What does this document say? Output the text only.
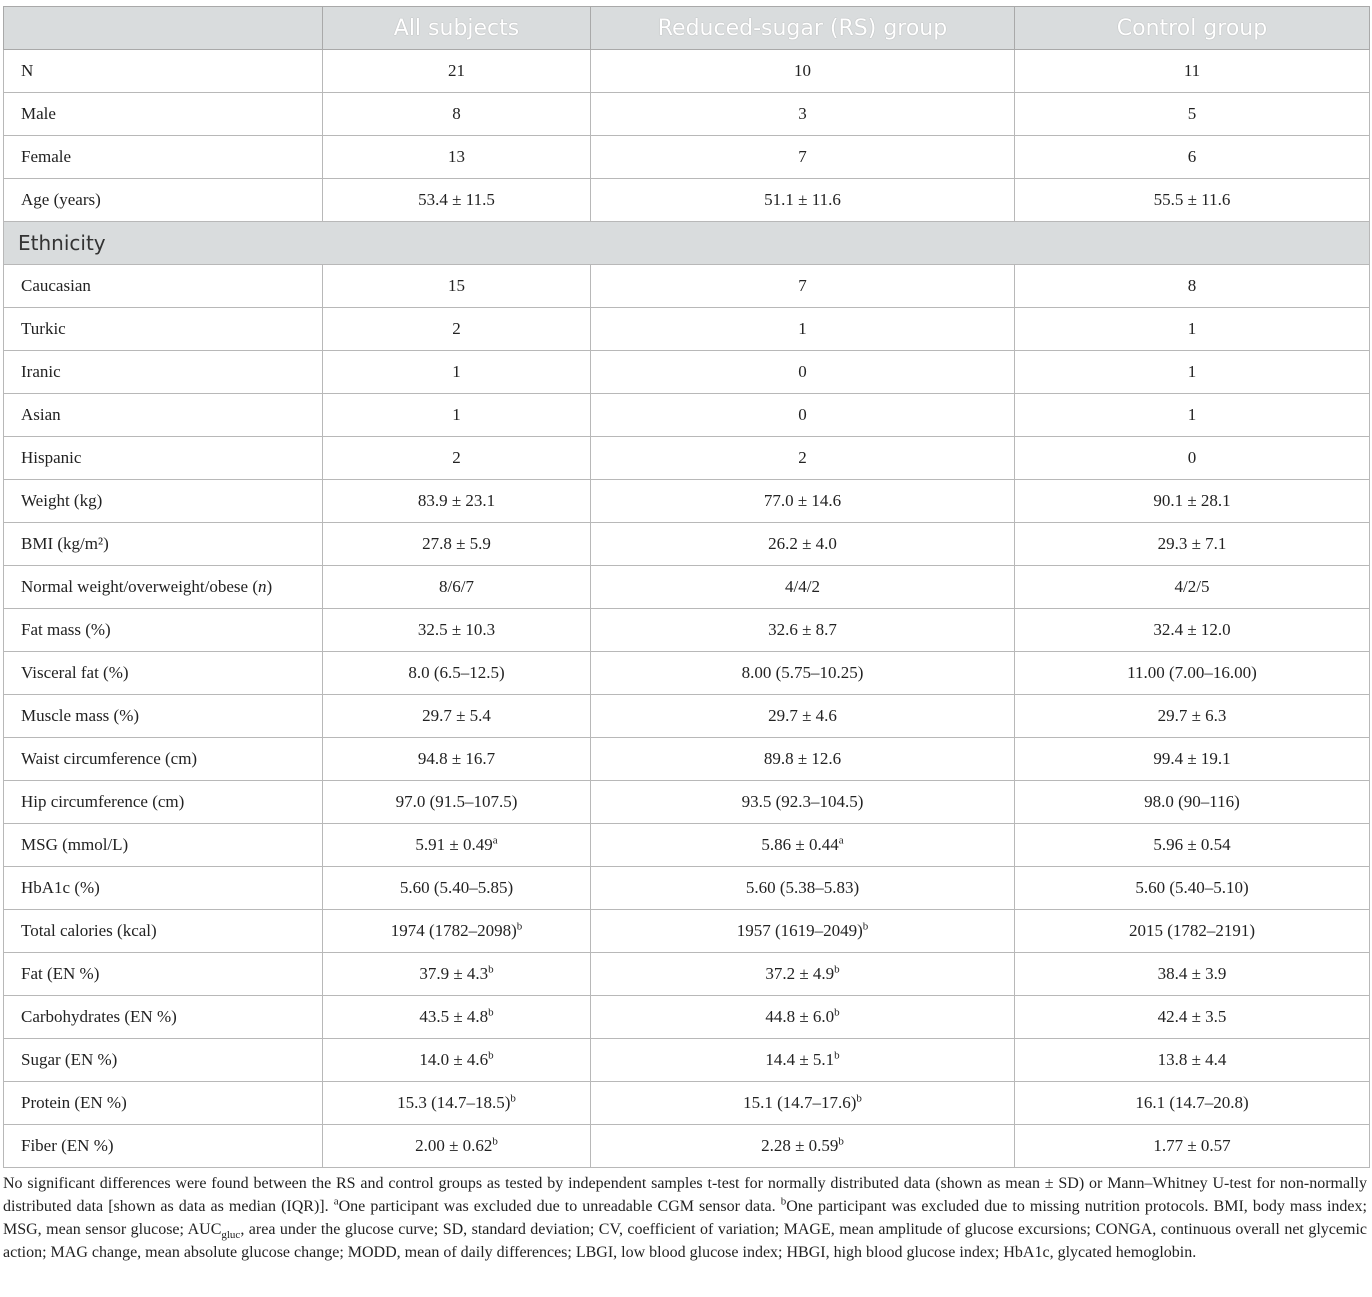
	All subjects	Reduced-sugar (RS) group	Control group
N	21	10	11
Male	8	3	5
Female	13	7	6
Age (years)	53.4 ± 11.5	51.1 ± 11.6	55.5 ± 11.6
Ethnicity			
Caucasian	15	7	8
Turkic	2	1	1
Iranic	1	0	1
Asian	1	0	1
Hispanic	2	2	0
Weight (kg)	83.9 ± 23.1	77.0 ± 14.6	90.1 ± 28.1
BMI (kg/m²)	27.8 ± 5.9	26.2 ± 4.0	29.3 ± 7.1
Normal weight/overweight/obese (n)	8/6/7	4/4/2	4/2/5
Fat mass (%)	32.5 ± 10.3	32.6 ± 8.7	32.4 ± 12.0
Visceral fat (%)	8.0 (6.5–12.5)	8.00 (5.75–10.25)	11.00 (7.00–16.00)
Muscle mass (%)	29.7 ± 5.4	29.7 ± 4.6	29.7 ± 6.3
Waist circumference (cm)	94.8 ± 16.7	89.8 ± 12.6	99.4 ± 19.1
Hip circumference (cm)	97.0 (91.5–107.5)	93.5 (92.3–104.5)	98.0 (90–116)
MSG (mmol/L)	5.91 ± 0.49$^a$	5.86 ± 0.44$^a$	5.96 ± 0.54
HbA1c (%)	5.60 (5.40–5.85)	5.60 (5.38–5.83)	5.60 (5.40–5.10)
Total calories (kcal)	1974 (1782–2098)$^b$	1957 (1619–2049)$^b$	2015 (1782–2191)
Fat (EN %)	37.9 ± 4.3$^b$	37.2 ± 4.9$^b$	38.4 ± 3.9
Carbohydrates (EN %)	43.5 ± 4.8$^b$	44.8 ± 6.0$^b$	42.4 ± 3.5
Sugar (EN %)	14.0 ± 4.6$^b$	14.4 ± 5.1$^b$	13.8 ± 4.4
Protein (EN %)	15.3 $(14.7-18.5)^b$	15.1 $(14.7-17.6)^b$	16.1 (14.7–20.8)
Fiber (EN %)	2.00 ± 0.62$^b$	2.28 ± 0.59$^b$	1.77 ± 0.57
No significant differences were found between the RS and control groups as tested by independent samples t-test for normally distributed data (shown as mean ± SD) or Mann–Whitney U-test for non-normally distributed data [shown as data as median (IQR)]. $^a$One participant was excluded due to unreadable CGM sensor data. $^b$One participant was excluded due to missing nutrition protocols. BMI, body mass index; MSG, mean sensor glucose; $AUC_{gluc}$, area under the glucose curve; SD, standard deviation; CV, coefficient of variation; MAGE, mean amplitude of glucose excursions; CONGA, continuous overall net glycemic action; MAG change, mean absolute glucose change; MODD, mean of daily differences; LBGI, low blood glucose index; HBGI, high blood glucose index; HbA1c, glycated hemoglobin.
